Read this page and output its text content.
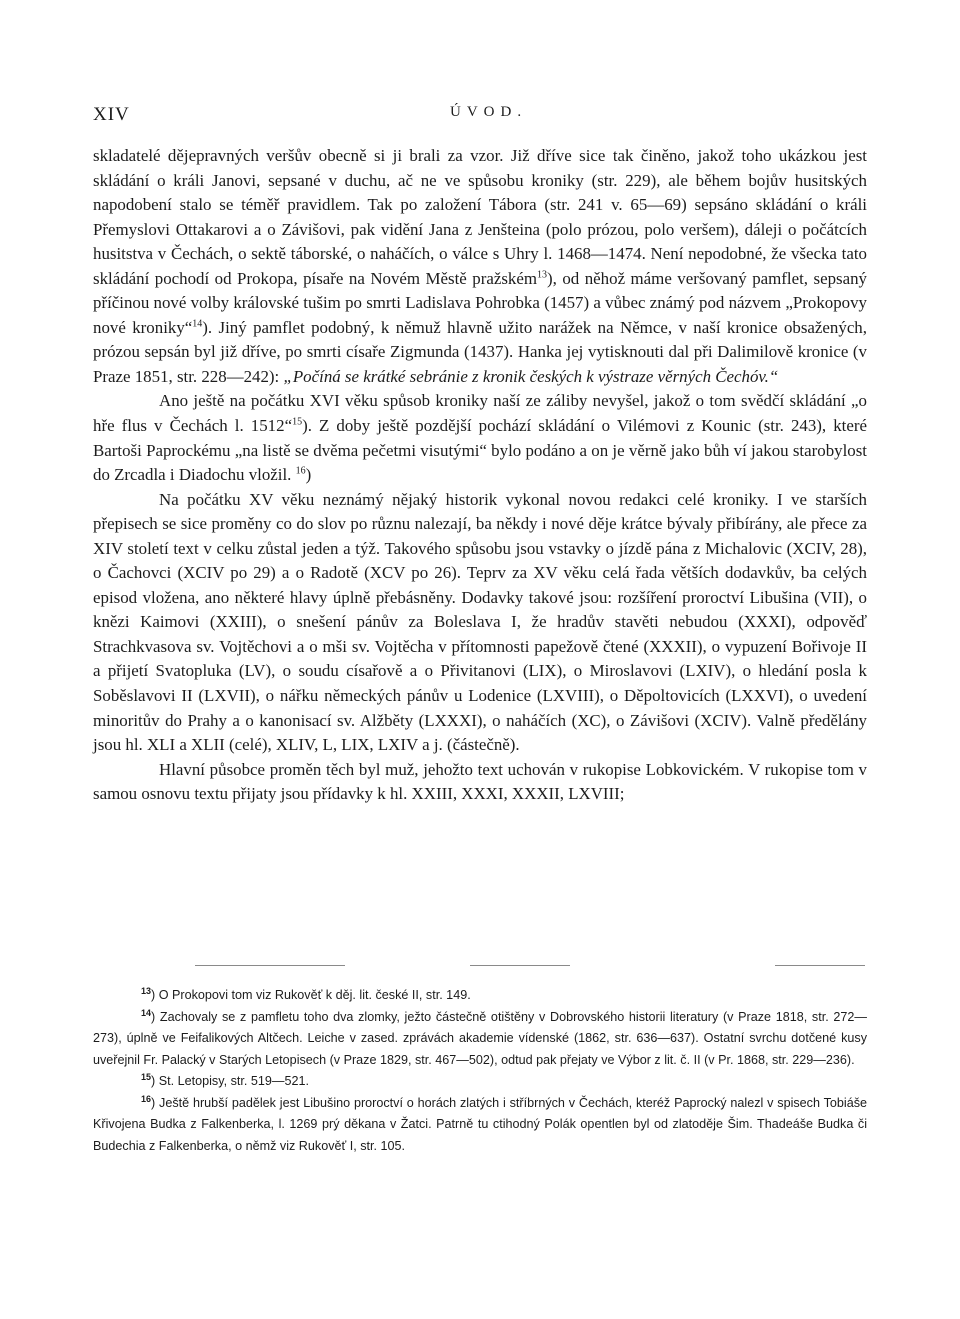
XIV	ÚVOD.

skladatelé dějepravných veršův obecně si ji brali za vzor. Již dříve sice tak činěno, jakož toho ukázkou jest skládání o králi Janovi, sepsané v duchu, ač ne ve spůsobu kroniky (str. 229), ale během bojův husitských napodobení stalo se téměř pravidlem. Tak po založení Tábora (str. 241 v. 65—69) sepsáno skládání o králi Přemyslovi Ottakarovi a o Závišovi, pak vidění Jana z Jenšteina (polo prózou, polo veršem), dáleji o počátcích husitstva v Čechách, o sektě táborské, o naháčích, o válce s Uhry l. 1468—1474. Není nepodobné, že všecka tato skládání pochodí od Prokopa, písaře na Novém Městě pražském$^{13}$), od něhož máme veršovaný pamflet, sepsaný příčinou nové volby královské tušim po smrti Ladislava Pohrobka (1457) a vůbec známý pod názvem „Prokopovy nové kroniky“$^{14}$). Jiný pamflet podobný, k němuž hlavně užito narážek na Němce, v naší kronice obsažených, prózou sepsán byl již dříve, po smrti císaře Zigmunda (1437). Hanka jej vytisknouti dal při Dalimilově kronice (v Praze 1851, str. 228—242): „Počíná se krátké sebránie z kronik českých k výstraze věrných Čechóv.“

Ano ještě na počátku XVI věku spůsob kroniky naší ze záliby nevyšel, jakož o tom svědčí skládání „o hře flus v Čechách l. 1512“$^{15}$). Z doby ještě pozdější pochází skládání o Vilémovi z Kounic (str. 243), které Bartoši Paprockému „na listě se dvěma pečetmi visutými“ bylo podáno a on je věrně jako bůh ví jakou starobylost do Zrcadla i Diadochu vložil. $^{16}$)

Na počátku XV věku neznámý nějaký historik vykonal novou redakci celé kroniky. I ve starších přepisech se sice proměny co do slov po různu nalezají, ba někdy i nové děje krátce bývaly přibírány, ale přece za XIV století text v celku zůstal jeden a týž. Takového spůsobu jsou vstavky o jízdě pána z Michalovic (XCIV, 28), o Čachovci (XCIV po 29) a o Radotě (XCV po 26). Teprv za XV věku celá řada větších dodavkův, ba celých episod vložena, ano některé hlavy úplně přebásněny. Dodavky takové jsou: rozšíření proroctví Libušina (VII), o knězi Kaimovi (XXIII), o snešení pánův za Boleslava I, že hradův stavěti nebudou (XXXI), odpověď Strachkvasova sv. Vojtěchovi a o mši sv. Vojtěcha v přítomnosti papežově čtené (XXXII), o vypuzení Bořivoje II a přijetí Svatopluka (LV), o soudu císařově a o Přivitanovi (LIX), o Miroslavovi (LXIV), o hledání posla k Soběslavovi II (LXVII), o nářku německých pánův u Lodenice (LXVIII), o Děpoltovicích (LXXVI), o uvedení minoritův do Prahy a o kanonisací sv. Alžběty (LXXXI), o naháčích (XC), o Závišovi (XCIV). Valně předělány jsou hl. XLI a XLII (celé), XLIV, L, LIX, LXIV a j. (částečně).

Hlavní působce proměn těch byl muž, jehožto text uchován v rukopise Lobkovickém. V rukopise tom v samou osnovu textu přijaty jsou přídavky k hl. XXIII, XXXI, XXXII, LXVIII;

$^{13}$) O Prokopovi tom viz Rukověť k děj. lit. české II, str. 149.

$^{14}$) Zachovaly se z pamfletu toho dva zlomky, ježto částečně otištěny v Dobrovského historii literatury (v Praze 1818, str. 272—273), úplně ve Feifalikových Altčech. Leiche v zased. zprávách akademie vídenské (1862, str. 636—637). Ostatní svrchu dotčené kusy uveřejnil Fr. Palacký v Starých Letopisech (v Praze 1829, str. 467—502), odtud pak přejaty ve Výbor z lit. č. II (v Pr. 1868, str. 229—236).

$^{15}$) St. Letopisy, str. 519—521.

$^{16}$) Ještě hrubší padělek jest Libušino proroctví o horách zlatých i stříbrných v Čechách, kteréž Paprocký nalezl v spisech Tobiáše Křivojena Budka z Falkenberka, l. 1269 prý děkana v Žatci. Patrně tu ctihodný Polák opentlen byl od zlatoděje Šim. Thadeáše Budka či Budechia z Falkenberka, o němž viz Rukověť I, str. 105.
